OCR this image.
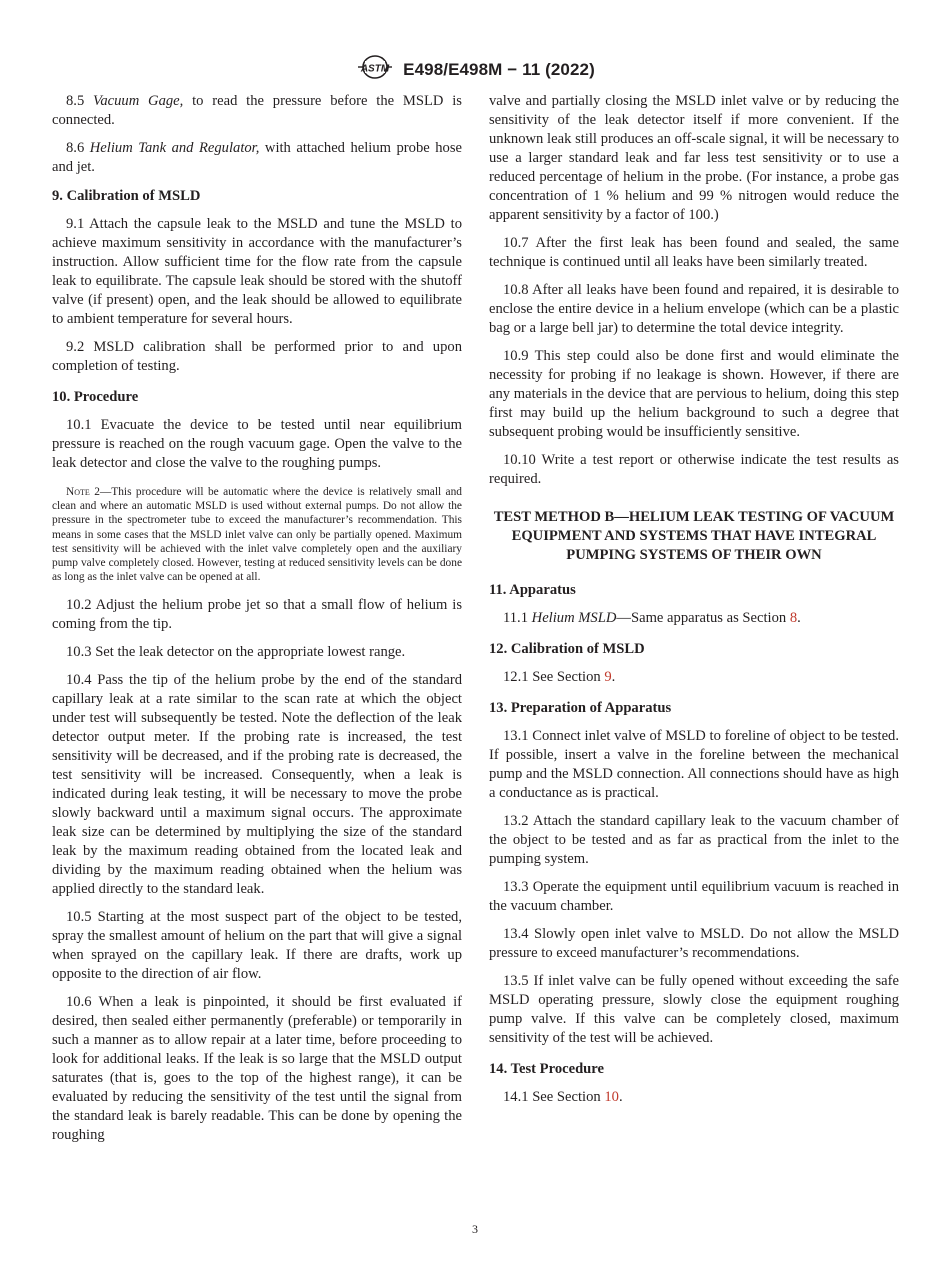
ASTM E498/E498M − 11 (2022)

8.5 Vacuum Gage, to read the pressure before the MSLD is connected.

8.6 Helium Tank and Regulator, with attached helium probe hose and jet.

9. Calibration of MSLD

9.1 Attach the capsule leak to the MSLD and tune the MSLD to achieve maximum sensitivity in accordance with the manufacturer’s instruction. Allow sufficient time for the flow rate from the capsule leak to equilibrate. The capsule leak should be stored with the shutoff valve (if present) open, and the leak should be allowed to equilibrate to ambient temperature for several hours.

9.2 MSLD calibration shall be performed prior to and upon completion of testing.

10. Procedure

10.1 Evacuate the device to be tested until near equilibrium pressure is reached on the rough vacuum gage. Open the valve to the leak detector and close the valve to the roughing pumps.

Note 2—This procedure will be automatic where the device is relatively small and clean and where an automatic MSLD is used without external pumps. Do not allow the pressure in the spectrometer tube to exceed the manufacturer’s recommendation. This means in some cases that the MSLD inlet valve can only be partially opened. Maximum test sensitivity will be achieved with the inlet valve completely open and the auxiliary pump valve completely closed. However, testing at reduced sensitivity levels can be done as long as the inlet valve can be opened at all.

10.2 Adjust the helium probe jet so that a small flow of helium is coming from the tip.

10.3 Set the leak detector on the appropriate lowest range.

10.4 Pass the tip of the helium probe by the end of the standard capillary leak at a rate similar to the scan rate at which the object under test will subsequently be tested. Note the deflection of the leak detector output meter. If the probing rate is increased, the test sensitivity will be decreased, and if the probing rate is decreased, the test sensitivity will be increased. Consequently, when a leak is indicated during leak testing, it will be necessary to move the probe slowly backward until a maximum signal occurs. The approximate leak size can be determined by multiplying the size of the standard leak by the maximum reading obtained from the located leak and dividing by the maximum reading obtained when the helium was applied directly to the standard leak.

10.5 Starting at the most suspect part of the object to be tested, spray the smallest amount of helium on the part that will give a signal when sprayed on the capillary leak. If there are drafts, work up opposite to the direction of air flow.

10.6 When a leak is pinpointed, it should be first evaluated if desired, then sealed either permanently (preferable) or temporarily in such a manner as to allow repair at a later time, before proceeding to look for additional leaks. If the leak is so large that the MSLD output saturates (that is, goes to the top of the highest range), it can be evaluated by reducing the sensitivity of the test until the signal from the standard leak is barely readable. This can be done by opening the roughing

valve and partially closing the MSLD inlet valve or by reducing the sensitivity of the leak detector itself if more convenient. If the unknown leak still produces an off-scale signal, it will be necessary to use a larger standard leak and far less test sensitivity or to use a reduced percentage of helium in the probe. (For instance, a probe gas concentration of 1 % helium and 99 % nitrogen would reduce the apparent sensitivity by a factor of 100.)

10.7 After the first leak has been found and sealed, the same technique is continued until all leaks have been similarly treated.

10.8 After all leaks have been found and repaired, it is desirable to enclose the entire device in a helium envelope (which can be a plastic bag or a large bell jar) to determine the total device integrity.

10.9 This step could also be done first and would eliminate the necessity for probing if no leakage is shown. However, if there are any materials in the device that are pervious to helium, doing this step first may build up the helium background to such a degree that subsequent probing would be insufficiently sensitive.

10.10 Write a test report or otherwise indicate the test results as required.

TEST METHOD B—HELIUM LEAK TESTING OF VACUUM EQUIPMENT AND SYSTEMS THAT HAVE INTEGRAL PUMPING SYSTEMS OF THEIR OWN
11. Apparatus

11.1 Helium MSLD—Same apparatus as Section 8.

12. Calibration of MSLD

12.1 See Section 9.

13. Preparation of Apparatus

13.1 Connect inlet valve of MSLD to foreline of object to be tested. If possible, insert a valve in the foreline between the mechanical pump and the MSLD connection. All connections should have as high a conductance as is practical.

13.2 Attach the standard capillary leak to the vacuum chamber of the object to be tested and as far as practical from the inlet to the pumping system.

13.3 Operate the equipment until equilibrium vacuum is reached in the vacuum chamber.

13.4 Slowly open inlet valve to MSLD. Do not allow the MSLD pressure to exceed manufacturer’s recommendations.

13.5 If inlet valve can be fully opened without exceeding the safe MSLD operating pressure, slowly close the equipment roughing pump valve. If this valve can be completely closed, maximum sensitivity of the test will be achieved.

14. Test Procedure

14.1 See Section 10.

3
